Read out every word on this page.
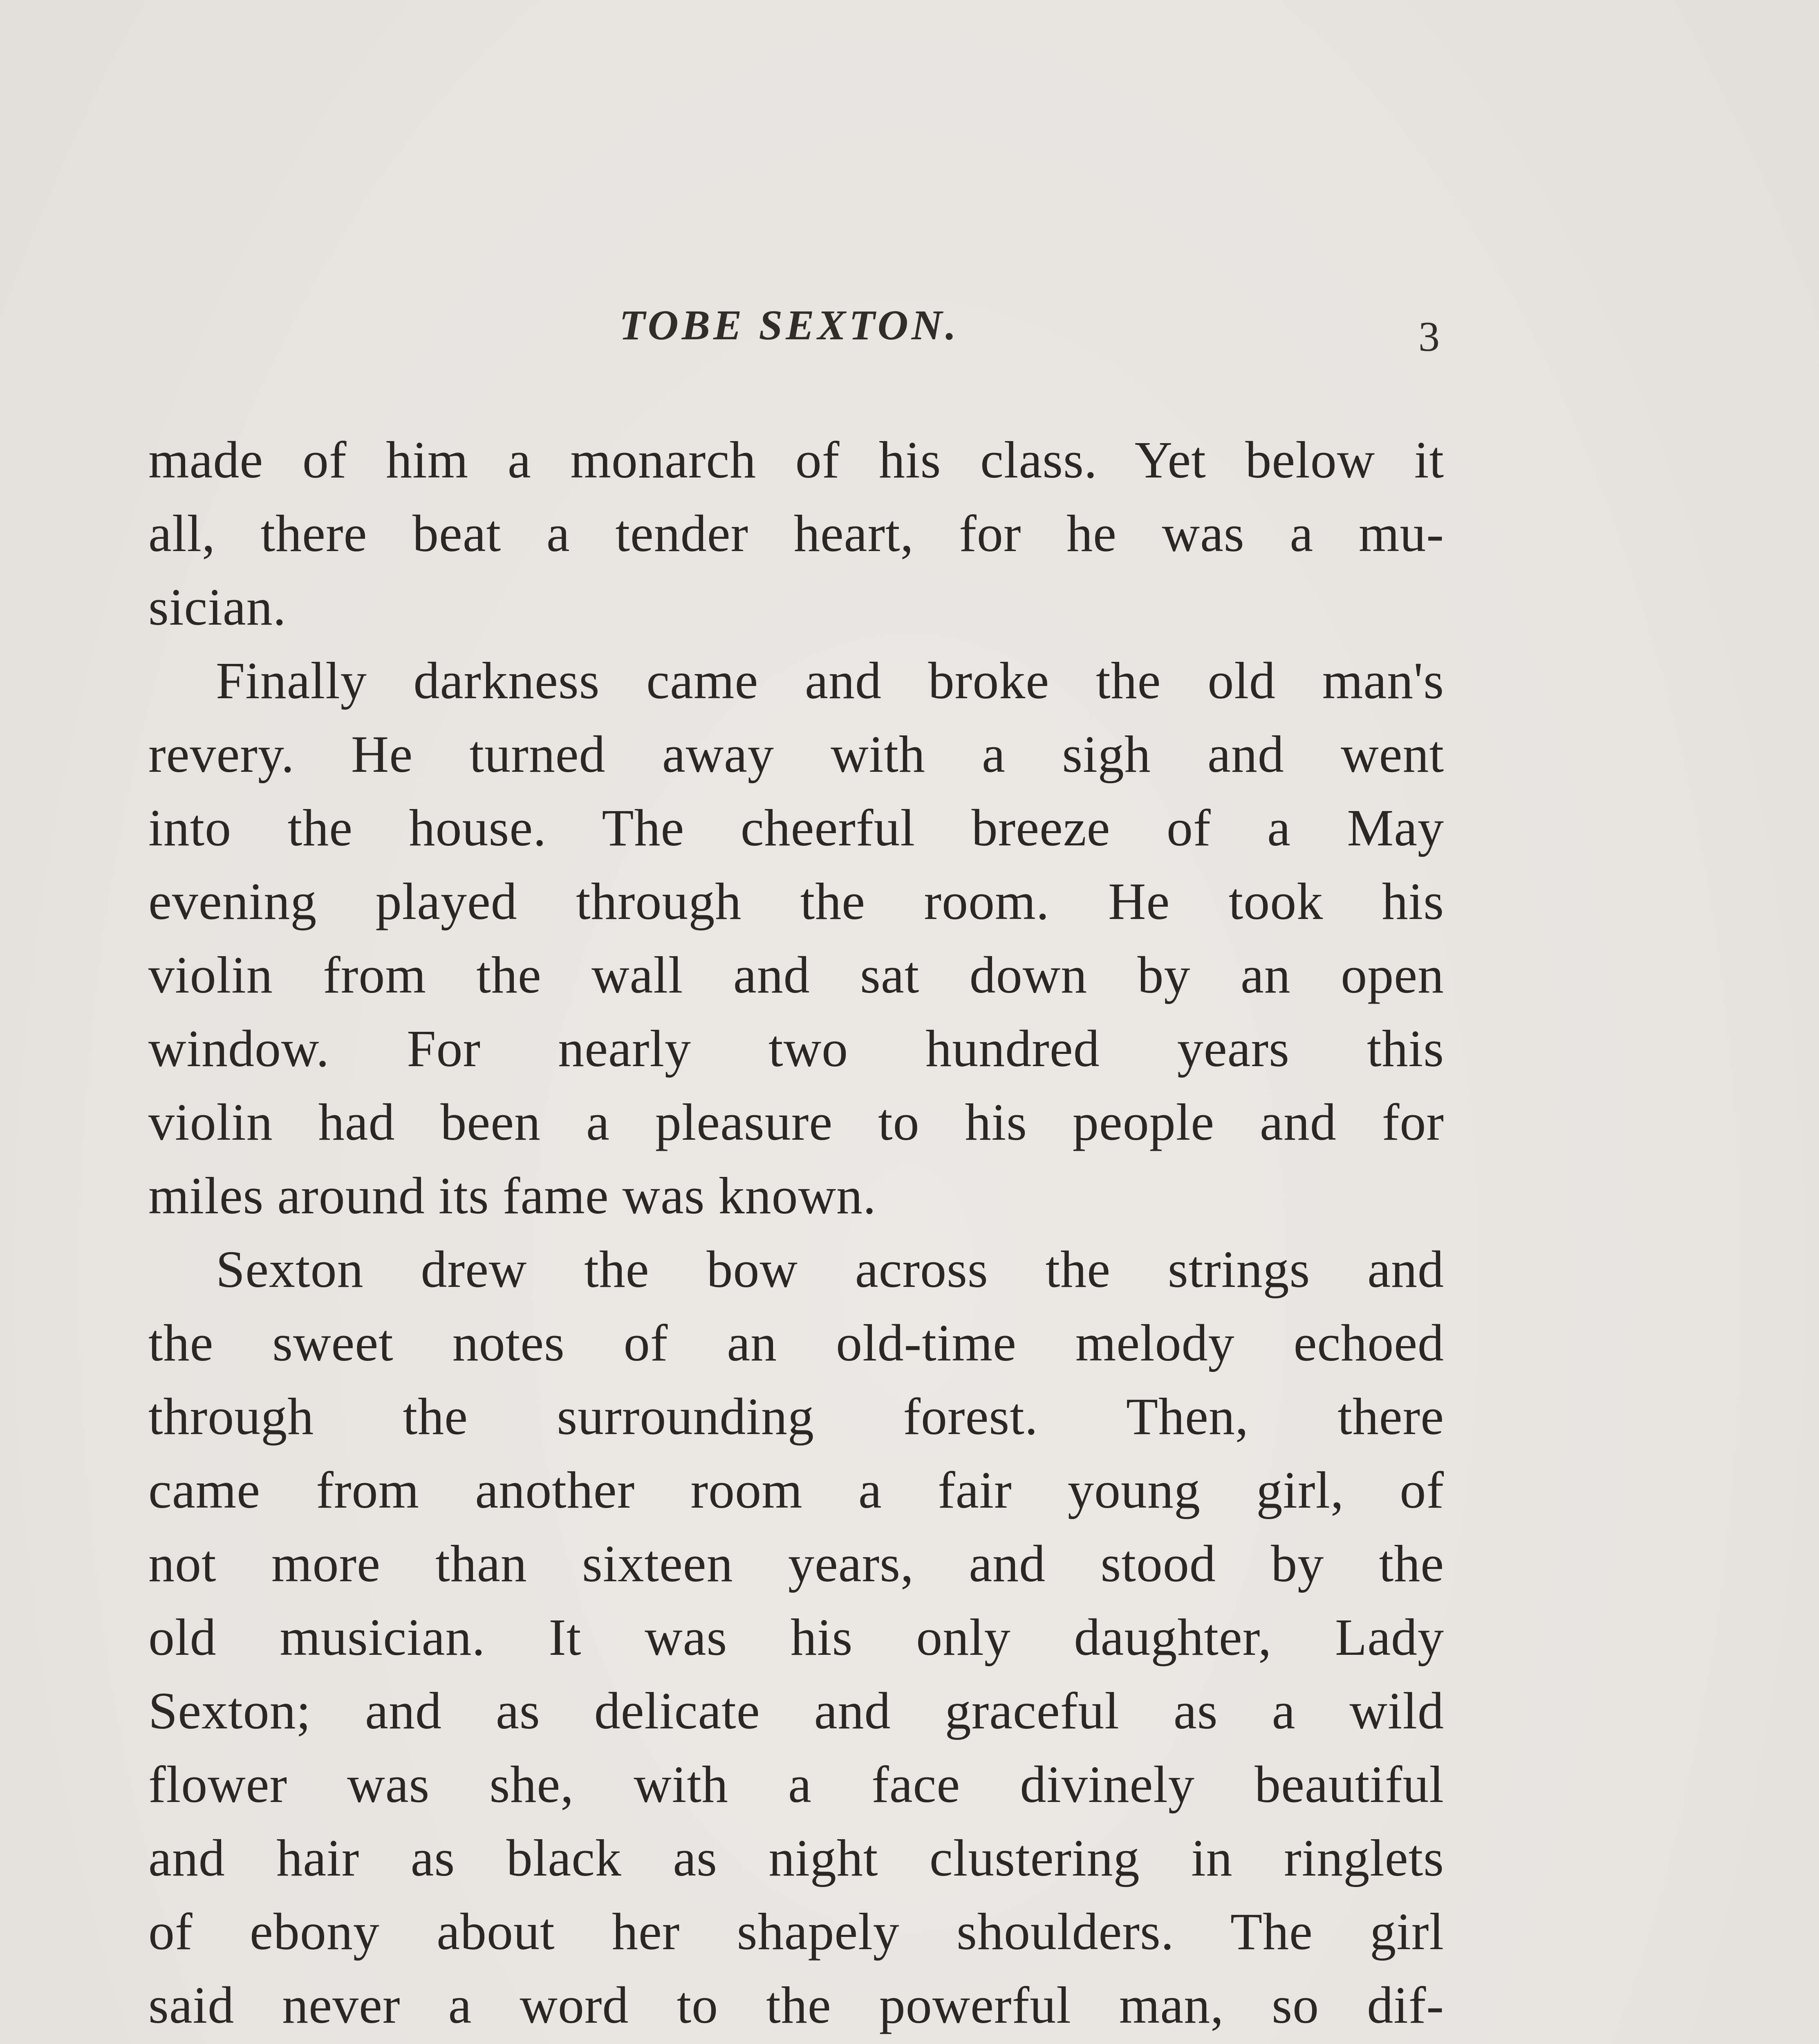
TOBE SEXTON.	3
made of him a monarch of his class. Yet below it
all, there beat a tender heart, for he was a mu-
sician.
Finally darkness came and broke the old man's
revery. He turned away with a sigh and went
into the house. The cheerful breeze of a May
evening played through the room. He took his
violin from the wall and sat down by an open
window. For nearly two hundred years this
violin had been a pleasure to his people and for
miles around its fame was known.
Sexton drew the bow across the strings and
the sweet notes of an old-time melody echoed
through the surrounding forest. Then, there
came from another room a fair young girl, of
not more than sixteen years, and stood by the
old musician. It was his only daughter, Lady
Sexton; and as delicate and graceful as a wild
flower was she, with a face divinely beautiful
and hair as black as night clustering in ringlets
of ebony about her shapely shoulders. The girl
said never a word to the powerful man, so dif-
